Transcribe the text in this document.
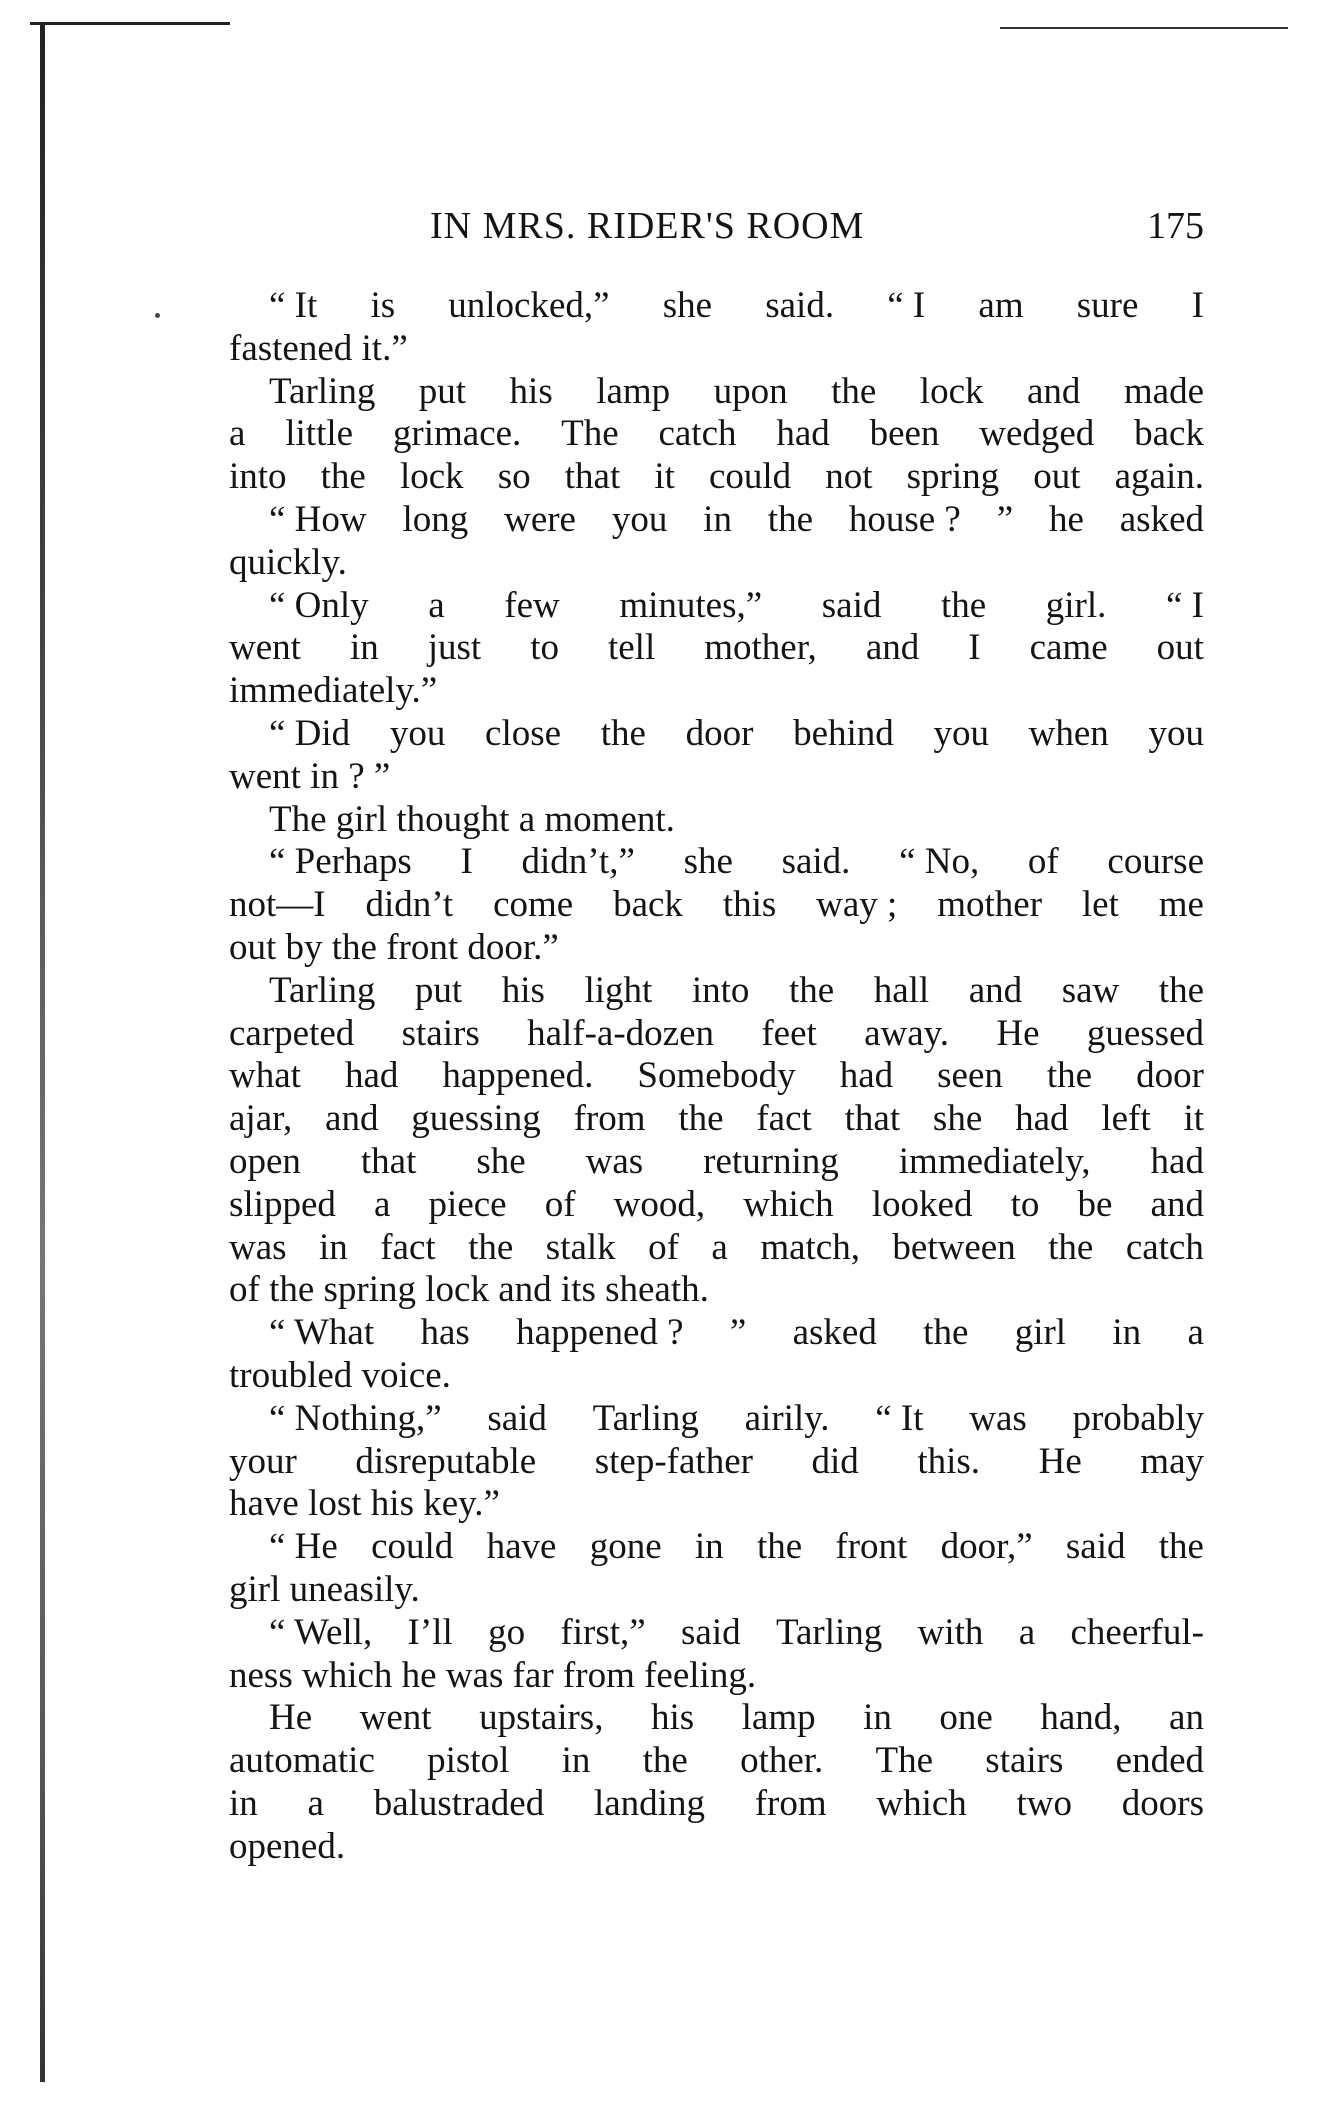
IN MRS. RIDER'S ROOM	175
“ It is unlocked,” she said. “ I am sure I
fastened it.”
Tarling put his lamp upon the lock and made
a little grimace. The catch had been wedged back
into the lock so that it could not spring out again.
“ How long were you in the house ? ” he asked
quickly.
“ Only a few minutes,” said the girl. “ I
went in just to tell mother, and I came out
immediately.”
“ Did you close the door behind you when you
went in ? ”
The girl thought a moment.
“ Perhaps I didn’t,” she said. “ No, of course
not—I didn’t come back this way ; mother let me
out by the front door.”
Tarling put his light into the hall and saw the
carpeted stairs half-a-dozen feet away. He guessed
what had happened. Somebody had seen the door
ajar, and guessing from the fact that she had left it
open that she was returning immediately, had
slipped a piece of wood, which looked to be and
was in fact the stalk of a match, between the catch
of the spring lock and its sheath.
“ What has happened ? ” asked the girl in a
troubled voice.
“ Nothing,” said Tarling airily. “ It was probably
your disreputable step-father did this. He may
have lost his key.”
“ He could have gone in the front door,” said the
girl uneasily.
“ Well, I’ll go first,” said Tarling with a cheerful-
ness which he was far from feeling.
He went upstairs, his lamp in one hand, an
automatic pistol in the other. The stairs ended
in a balustraded landing from which two doors
opened.
